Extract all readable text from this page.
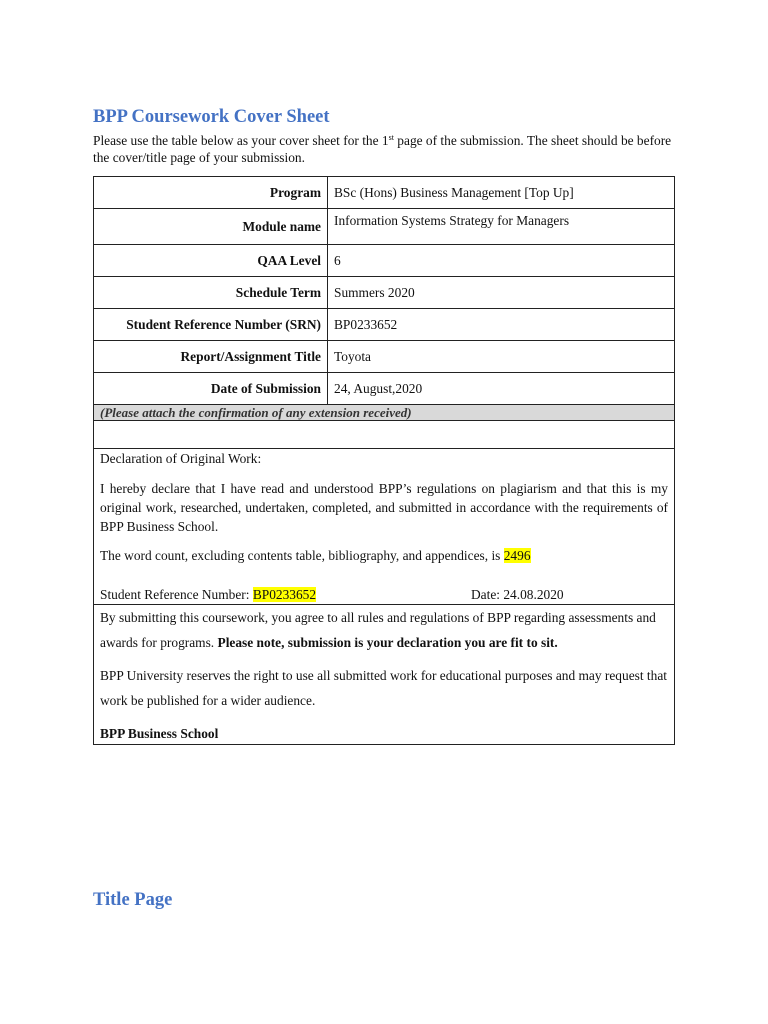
BPP Coursework Cover Sheet

Please use the table below as your cover sheet for the 1st page of the submission. The sheet should be before the cover/title page of your submission.

Program	BSc (Hons) Business Management [Top Up]
Module name	Information Systems Strategy for Managers
QAA Level	6
Schedule Term	Summers 2020
Student Reference Number (SRN)	BP0233652
Report/Assignment Title	Toyota
Date of Submission	24, August,2020
(Please attach the confirmation of any extension received)	

Declaration of Original Work:

I hereby declare that I have read and understood BPP’s regulations on plagiarism and that this is my original work, researched, undertaken, completed, and submitted in accordance with the requirements of BPP Business School.

The word count, excluding contents table, bibliography, and appendices, is 2496

Student Reference Number: BP0233652 Date: 24.08.2020	

By submitting this coursework, you agree to all rules and regulations of BPP regarding assessments and awards for programs. Please note, submission is your declaration you are fit to sit.

BPP University reserves the right to use all submitted work for educational purposes and may request that work be published for a wider audience.

BPP Business School	

Title Page
